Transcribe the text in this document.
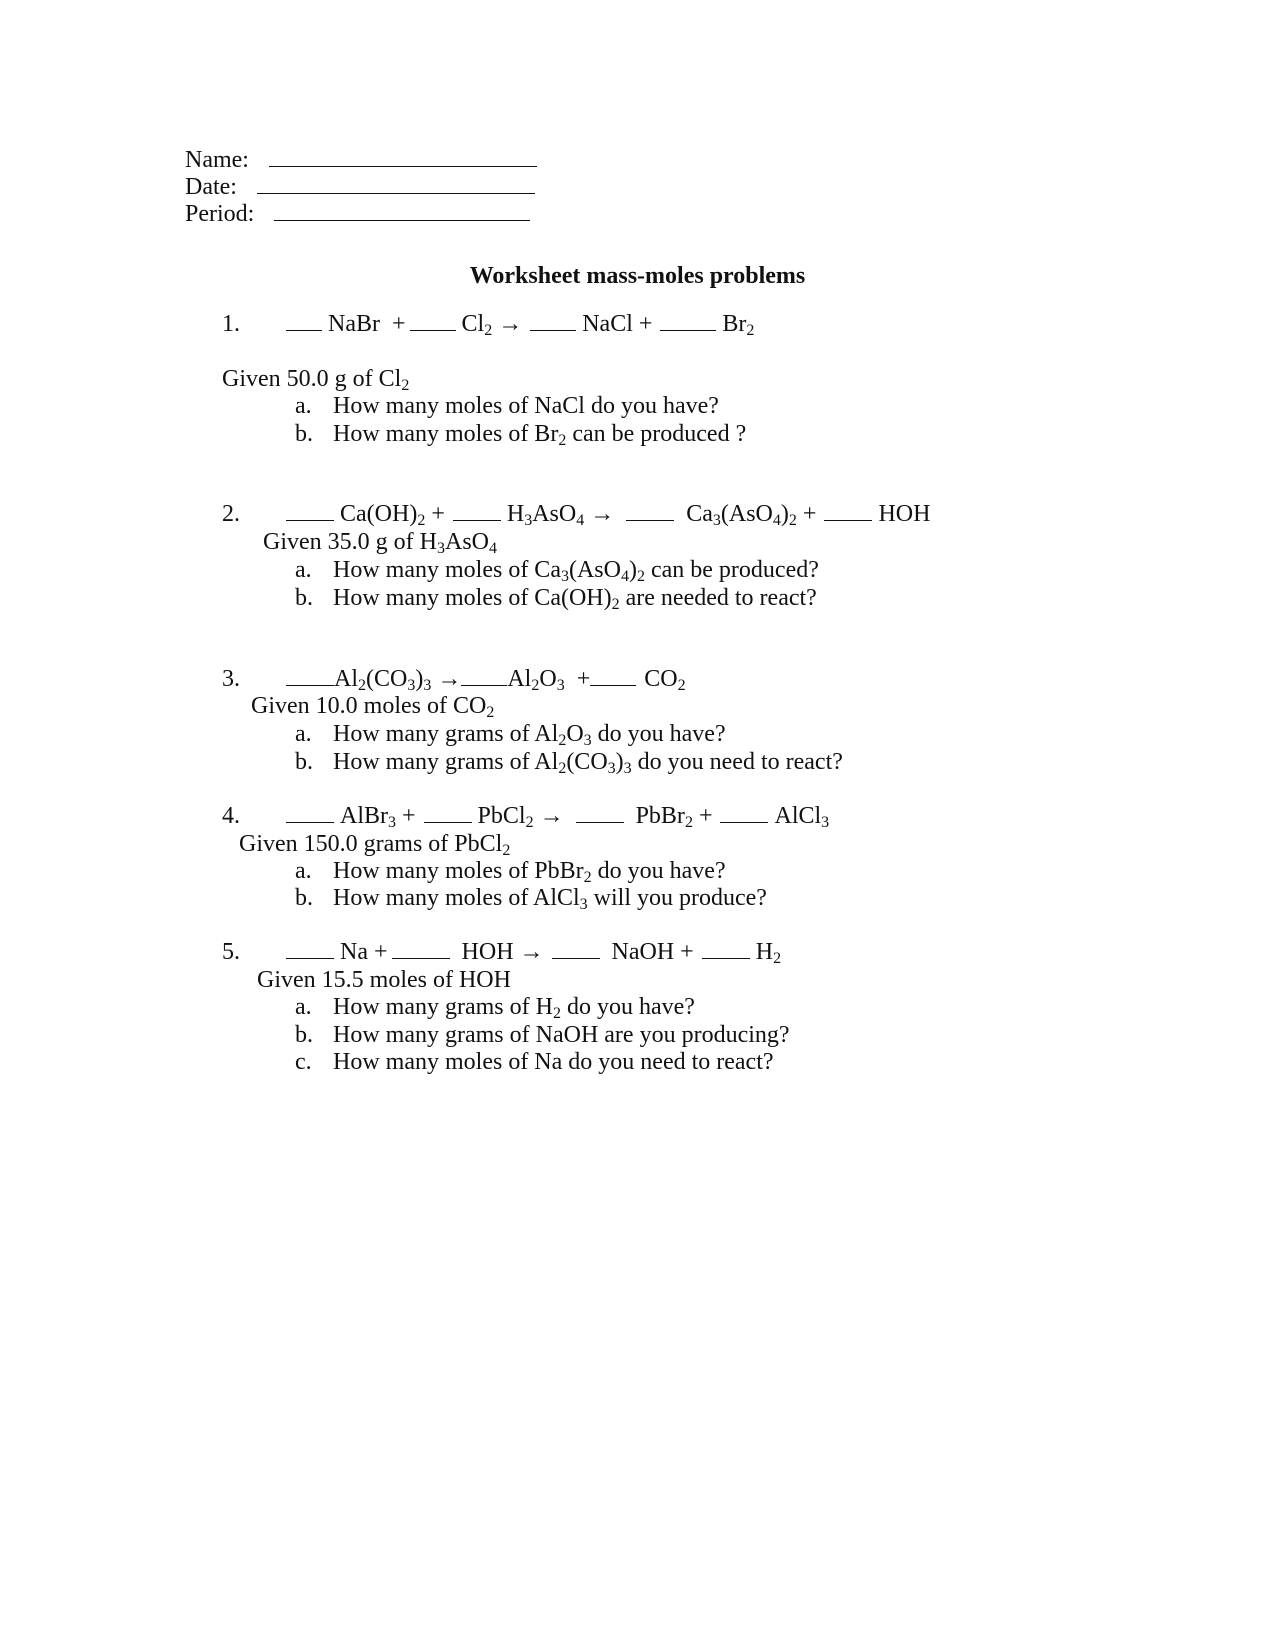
Name:
Date:
Period:
Worksheet mass-moles problems
1.	NaBr  + $Cl_2$ →	NaCl +	$Br_2$
Given 50.0 g of $Cl_2$
a. How many moles of NaCl do you have?
b. How many moles of $Br_2$ can be produced ?
2.	$Ca(OH)_2$ +	$H_3AsO_4$ →	$Ca_3(AsO_4)_2$ +	HOH
Given 35.0 g of $H_3AsO_4$
a. How many moles of $Ca_3(AsO_4)_2$ can be produced?
b. How many moles of $Ca(OH)_2$ are needed to react?
3.	$Al_2(CO_3)_3 \to Al_2O_3 + CO_2$
Given 10.0 moles of $CO_2$
a. How many grams of $Al_2O_3$ do you have?
b. How many grams of $Al_2(CO_3)_3$ do you need to react?
4.	AlBr$_3$ +	PbCl$_2$ →	PbBr$_2$ +	AlCl$_3$
Given 150.0 grams of PbCl$_2$
a. How many moles of PbBr$_2$ do you have?
b. How many moles of AlCl$_3$ will you produce?
5.	Na +	HOH →	NaOH +	$H_2$
Given 15.5 moles of HOH
a. How many grams of $H_2$ do you have?
b. How many grams of NaOH are you producing?
c. How many moles of Na do you need to react?
